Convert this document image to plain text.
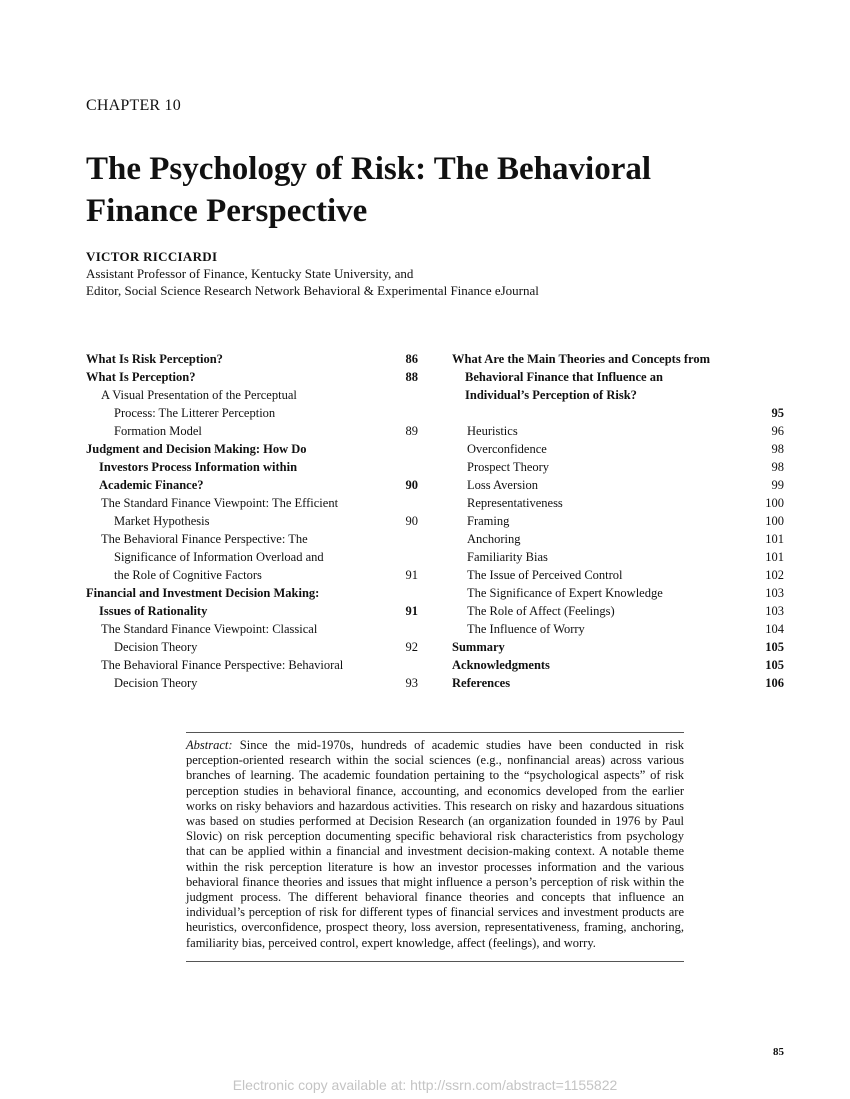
CHAPTER 10
The Psychology of Risk: The Behavioral
Finance Perspective
VICTOR RICCIARDI
Assistant Professor of Finance, Kentucky State University, and
Editor, Social Science Research Network Behavioral & Experimental Finance eJournal
What Is Risk Perception?	86
What Is Perception?	88
A Visual Presentation of the Perceptual
Process: The Litterer Perception
Formation Model	89
Judgment and Decision Making: How Do
Investors Process Information within
Academic Finance?	90
The Standard Finance Viewpoint: The Efficient
Market Hypothesis	90
The Behavioral Finance Perspective: The
Significance of Information Overload and
the Role of Cognitive Factors	91
Financial and Investment Decision Making:
Issues of Rationality	91
The Standard Finance Viewpoint: Classical
Decision Theory	92
The Behavioral Finance Perspective: Behavioral
Decision Theory	93
What Are the Main Theories and Concepts from
Behavioral Finance that Influence an
Individual’s Perception of Risk?
95
Heuristics	96
Overconfidence	98
Prospect Theory	98
Loss Aversion	99
Representativeness	100
Framing	100
Anchoring	101
Familiarity Bias	101
The Issue of Perceived Control	102
The Significance of Expert Knowledge	103
The Role of Affect (Feelings)	103
The Influence of Worry	104
Summary	105
Acknowledgments	105
References	106
Abstract: Since the mid-1970s, hundreds of academic studies have been conducted in risk perception-oriented research within the social sciences (e.g., nonfinancial areas) across various branches of learning. The academic foundation pertaining to the “psychological aspects” of risk perception studies in behavioral finance, accounting, and economics developed from the earlier works on risky behaviors and hazardous activities. This research on risky and hazardous situations was based on studies performed at Decision Research (an organization founded in 1976 by Paul Slovic) on risk perception documenting specific behavioral risk characteristics from psychology that can be applied within a financial and investment decision-making context. A notable theme within the risk perception literature is how an investor processes information and the various behavioral finance theories and issues that might influence a person’s perception of risk within the judgment process. The different behavioral finance theories and concepts that influence an individual’s perception of risk for different types of financial services and investment products are heuristics, overconfidence, prospect theory, loss aversion, representativeness, framing, anchoring, familiarity bias, perceived control, expert knowledge, affect (feelings), and worry.
85
Electronic copy available at: http://ssrn.com/abstract=1155822
